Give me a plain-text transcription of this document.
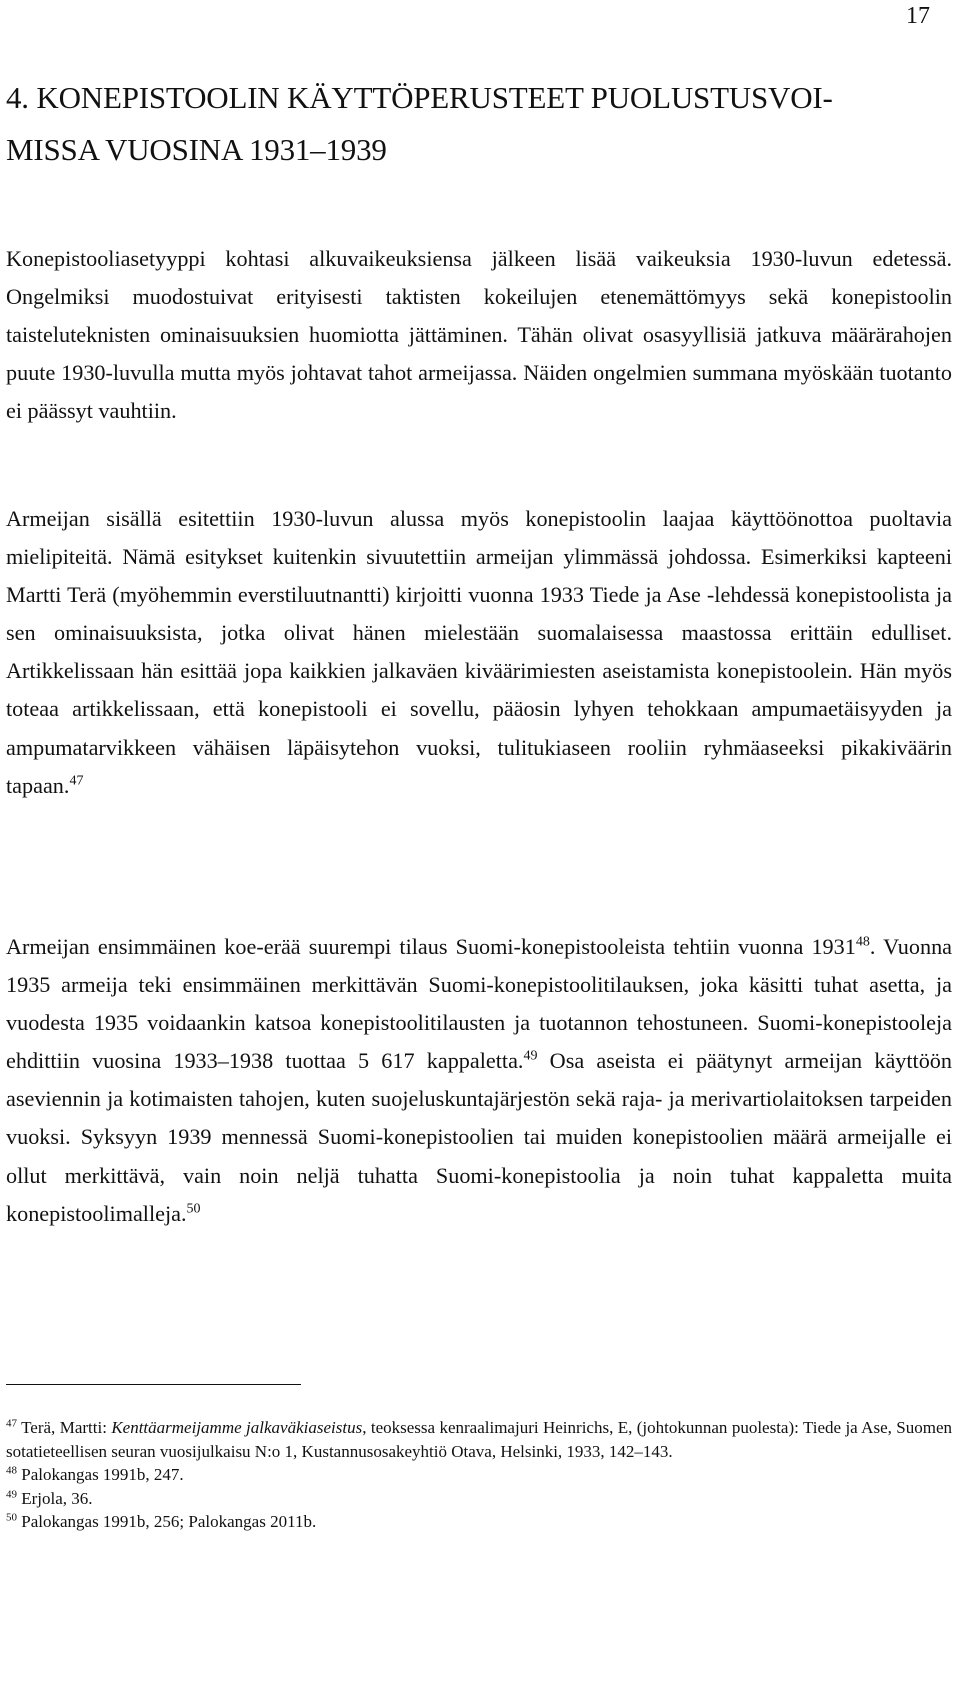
17
4. KONEPISTOOLIN KÄYTTÖPERUSTEET PUOLUSTUSVOI-
MISSA VUOSINA 1931–1939

Konepistooliasetyyppi kohtasi alkuvaikeuksiensa jälkeen lisää vaikeuksia 1930-luvun edetessä. Ongelmiksi muodostuivat erityisesti taktisten kokeilujen etenemättömyys sekä konepistoolin taisteluteknisten ominaisuuksien huomiotta jättäminen. Tähän olivat osasyyllisiä jatkuva määrärahojen puute 1930-luvulla mutta myös johtavat tahot armeijassa. Näiden ongelmien summana myöskään tuotanto ei päässyt vauhtiin.

Armeijan sisällä esitettiin 1930-luvun alussa myös konepistoolin laajaa käyttöönottoa puoltavia mielipiteitä. Nämä esitykset kuitenkin sivuutettiin armeijan ylimmässä johdossa. Esimerkiksi kapteeni Martti Terä (myöhemmin everstiluutnantti) kirjoitti vuonna 1933 Tiede ja Ase -lehdessä konepistoolista ja sen ominaisuuksista, jotka olivat hänen mielestään suomalaisessa maastossa erittäin edulliset. Artikkelissaan hän esittää jopa kaikkien jalkaväen kiväärimiesten aseistamista konepistoolein. Hän myös toteaa artikkelissaan, että konepistooli ei sovellu, pääosin lyhyen tehokkaan ampumaetäisyyden ja ampumatarvikkeen vähäisen läpäisytehon vuoksi, tulitukiaseen rooliin ryhmäaseeksi pikakiväärin tapaan.$^{47}$

Armeijan ensimmäinen koe-erää suurempi tilaus Suomi-konepistooleista tehtiin vuonna 1931$^{48}$. Vuonna 1935 armeija teki ensimmäinen merkittävän Suomi-konepistoolitilauksen, joka käsitti tuhat asetta, ja vuodesta 1935 voidaankin katsoa konepistoolitilausten ja tuotannon tehostuneen. Suomi-konepistooleja ehdittiin vuosina 1933–1938 tuottaa 5 617 kappaletta.$^{49}$ Osa aseista ei päätynyt armeijan käyttöön aseviennin ja kotimaisten tahojen, kuten suojeluskuntajärjestön sekä raja- ja merivartiolaitoksen tarpeiden vuoksi. Syksyyn 1939 mennessä Suomi-konepistoolien tai muiden konepistoolien määrä armeijalle ei ollut merkittävä, vain noin neljä tuhatta Suomi-konepistoolia ja noin tuhat kappaletta muita konepistoolimalleja.$^{50}$

$^{47}$ Terä, Martti: Kenttäarmeijamme jalkaväkiaseistus, teoksessa kenraalimajuri Heinrichs, E, (johtokunnan puolesta): Tiede ja Ase, Suomen sotatieteellisen seuran vuosijulkaisu N:o 1, Kustannusosakeyhtiö Otava, Helsinki, 1933, 142–143.

$^{48}$ Palokangas 1991b, 247.

$^{49}$ Erjola, 36.

$^{50}$ Palokangas 1991b, 256; Palokangas 2011b.
